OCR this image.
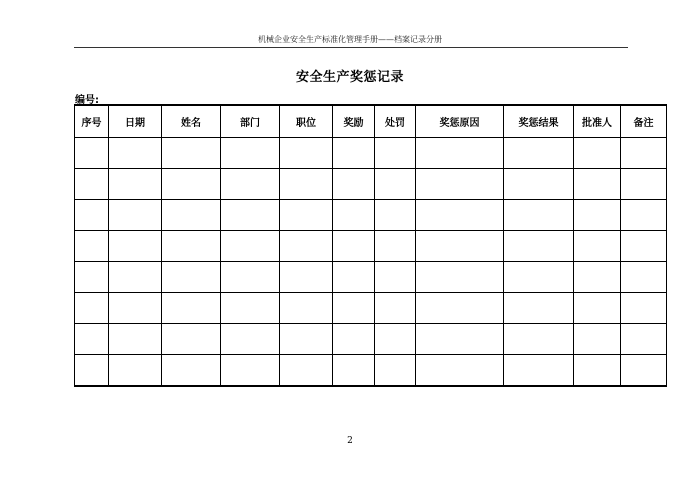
机械企业安全生产标准化管理手册——档案记录分册
安全生产奖惩记录
编号:
序号	日期	姓名	部门	职位	奖励	处罚	奖惩原因	奖惩结果	批准人	备注

2
